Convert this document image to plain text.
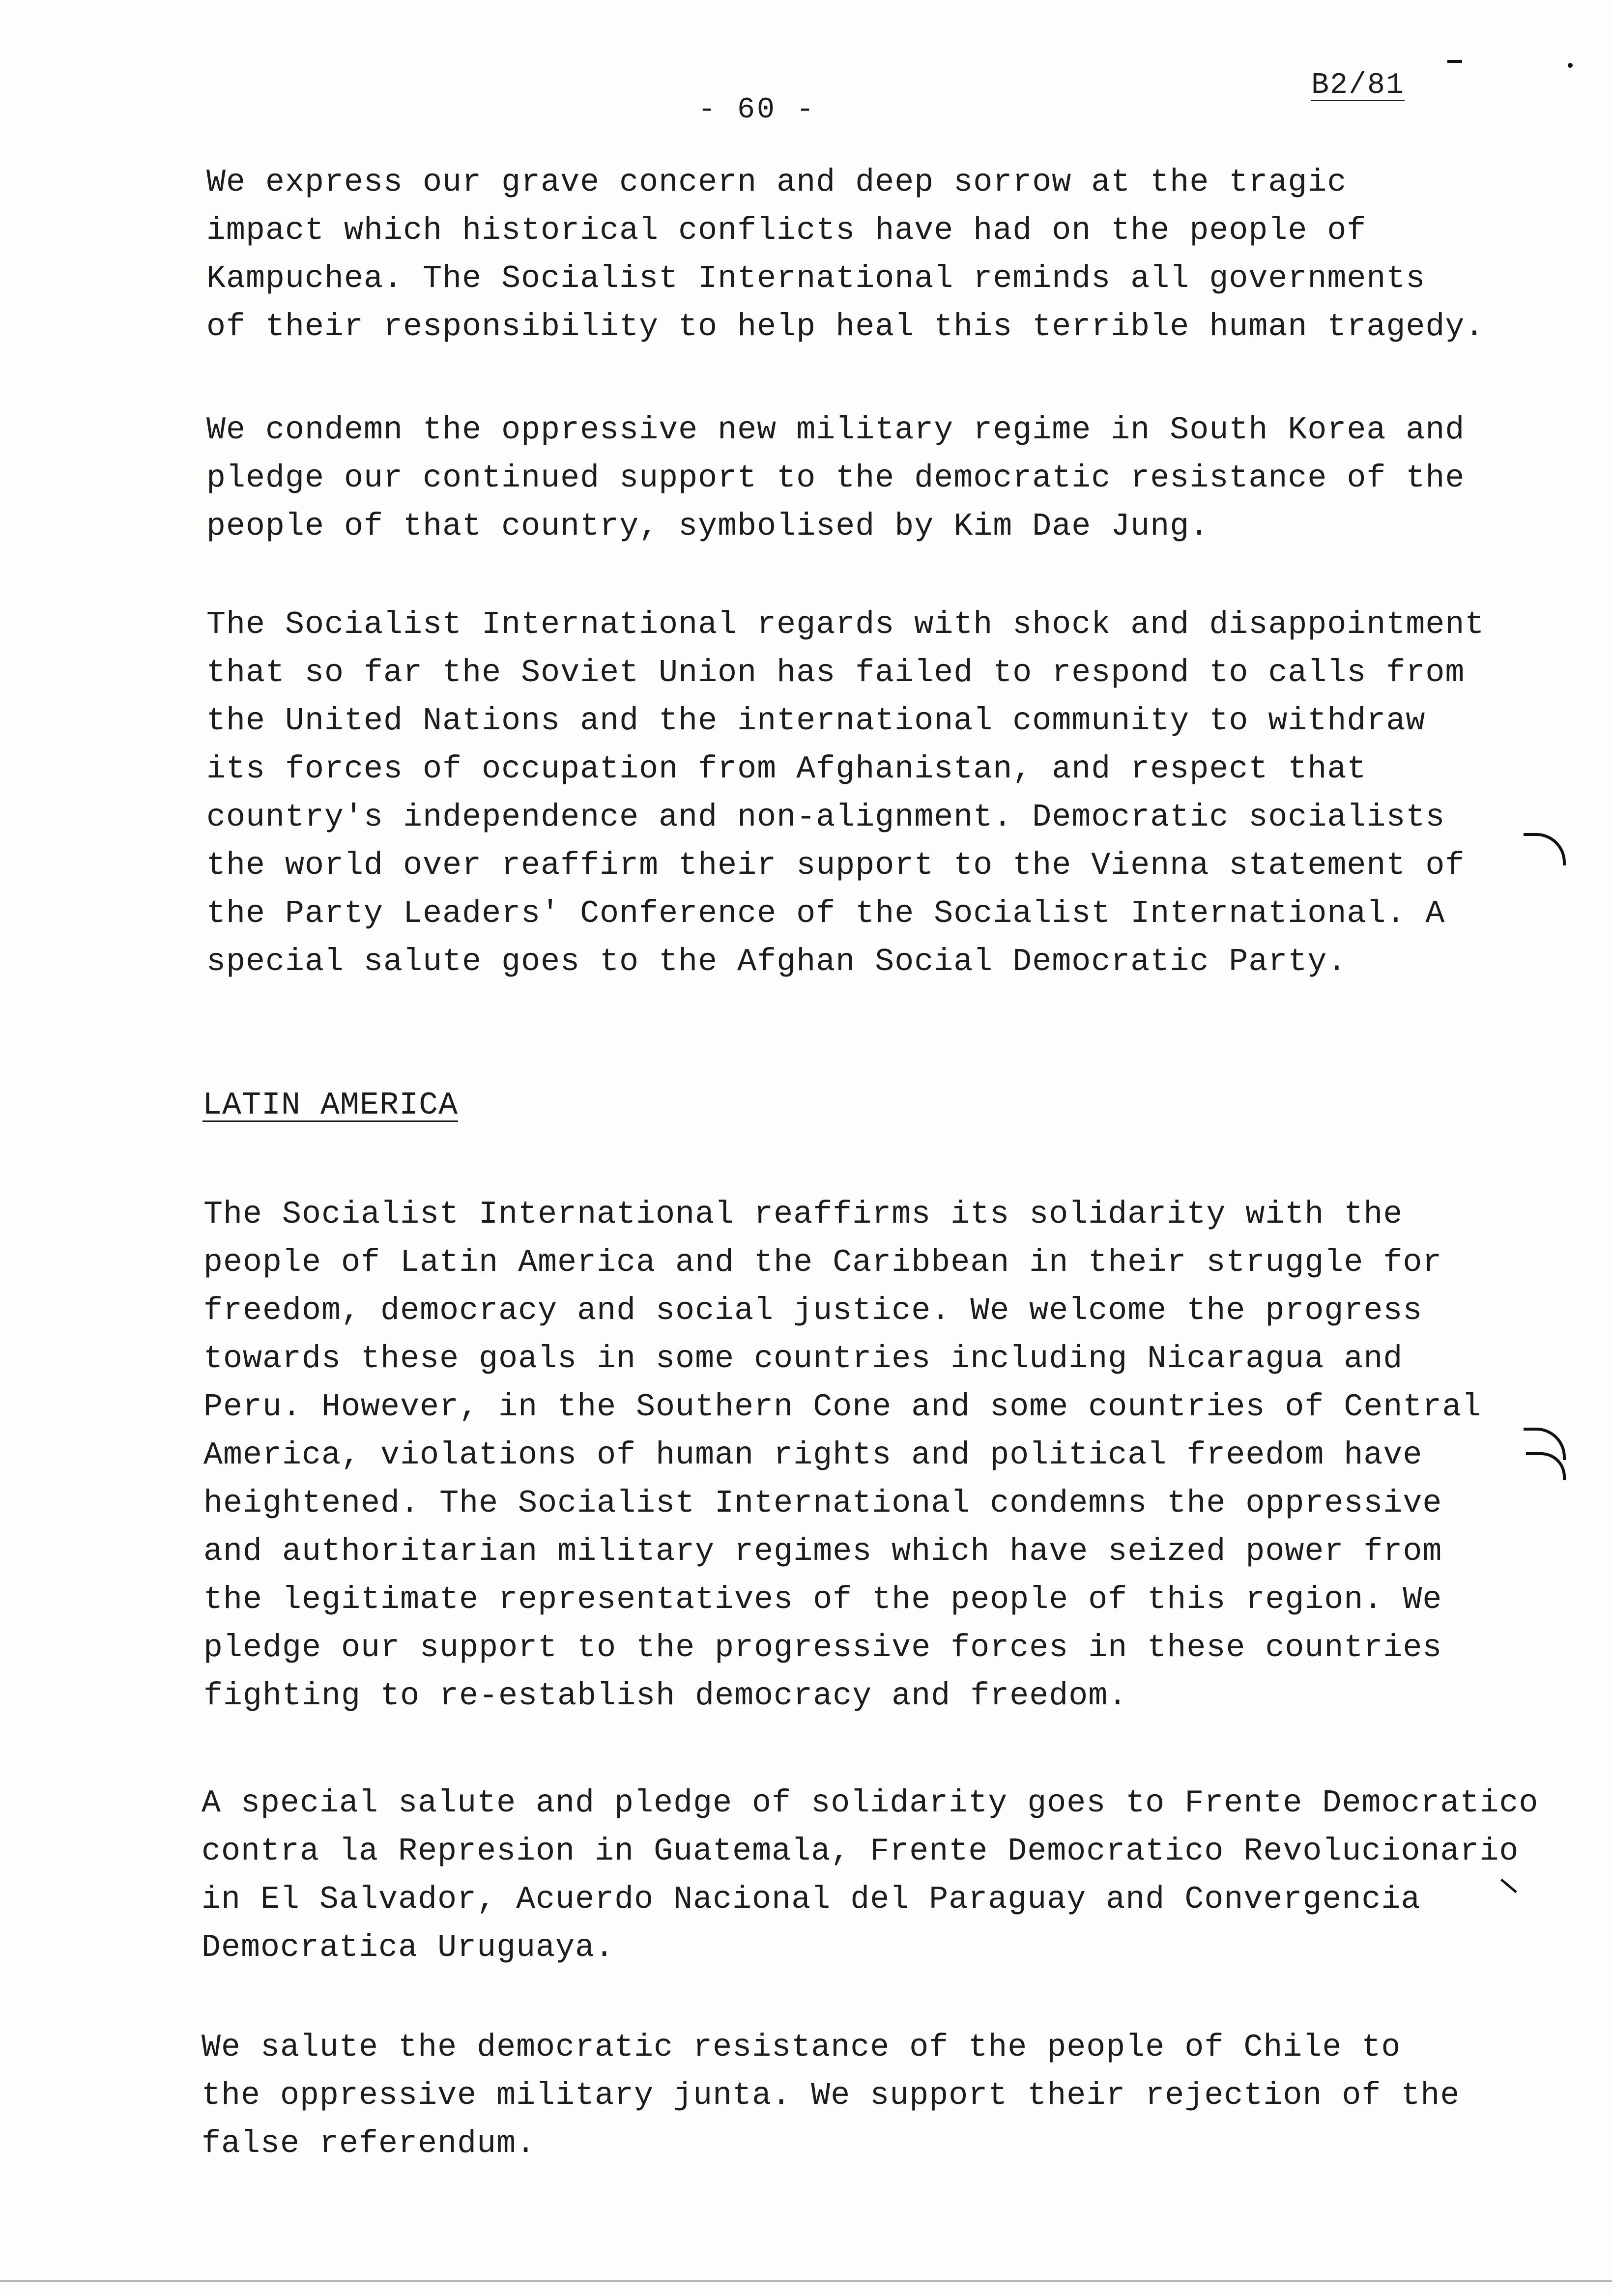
B2/81
- 60 -
We express our grave concern and deep sorrow at the tragic
impact which historical conflicts have had on the people of
Kampuchea. The Socialist International reminds all governments
of their responsibility to help heal this terrible human tragedy.
We condemn the oppressive new military regime in South Korea and
pledge our continued support to the democratic resistance of the
people of that country, symbolised by Kim Dae Jung.
The Socialist International regards with shock and disappointment
that so far the Soviet Union has failed to respond to calls from
the United Nations and the international community to withdraw
its forces of occupation from Afghanistan, and respect that
country's independence and non-alignment. Democratic socialists
the world over reaffirm their support to the Vienna statement of
the Party Leaders' Conference of the Socialist International. A
special salute goes to the Afghan Social Democratic Party.
LATIN AMERICA
The Socialist International reaffirms its solidarity with the
people of Latin America and the Caribbean in their struggle for
freedom, democracy and social justice. We welcome the progress
towards these goals in some countries including Nicaragua and
Peru. However, in the Southern Cone and some countries of Central
America, violations of human rights and political freedom have
heightened. The Socialist International condemns the oppressive
and authoritarian military regimes which have seized power from
the legitimate representatives of the people of this region. We
pledge our support to the progressive forces in these countries
fighting to re-establish democracy and freedom.
A special salute and pledge of solidarity goes to Frente Democratico
contra la Represion in Guatemala, Frente Democratico Revolucionario
in El Salvador, Acuerdo Nacional del Paraguay and Convergencia
Democratica Uruguaya.
We salute the democratic resistance of the people of Chile to
the oppressive military junta. We support their rejection of the
false referendum.
